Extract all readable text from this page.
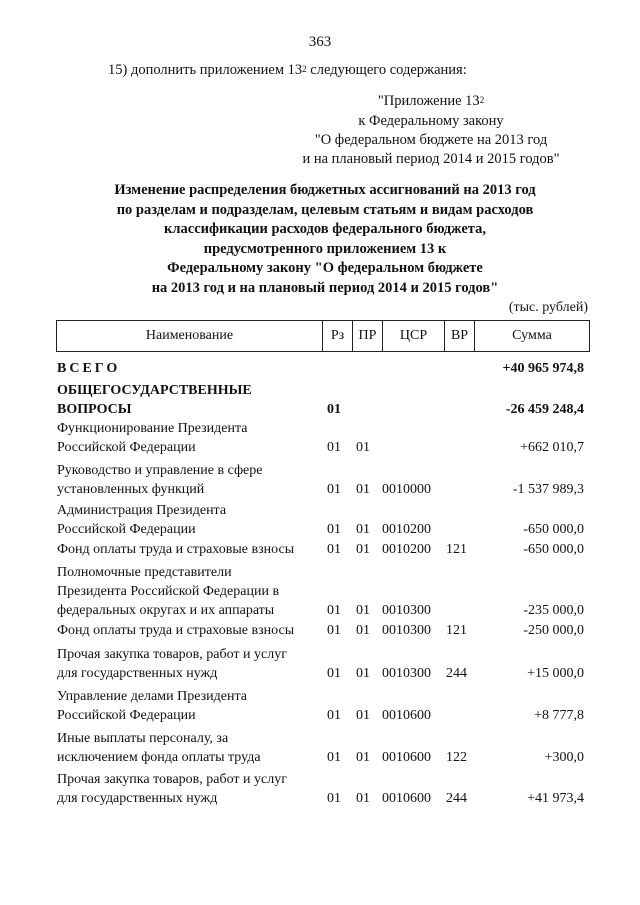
363
15) дополнить приложением $13^2$ следующего содержания:
"Приложение $13^2$
к Федеральному закону
"О федеральном бюджете на 2013 год
и на плановый период 2014 и 2015 годов"
Изменение распределения бюджетных ассигнований на 2013 год
по разделам и подразделам, целевым статьям и видам расходов
классификации расходов федерального бюджета,
предусмотренного приложением 13 к
Федеральному закону "О федеральном бюджете
на 2013 год и на плановый период 2014 и 2015 годов"
(тыс. рублей)
Наименование	Рз	ПР	ЦСР	ВР	Сумма
ВСЕГО	+40 965 974,8
ОБЩЕГОСУДАРСТВЕННЫЕ
ВОПРОСЫ	01	-26 459 248,4
Функционирование Президента
Российской Федерации	01 01	+662 010,7
Руководство и управление в сфере
установленных функций	01 01 0010000	-1 537 989,3
Администрация Президента
Российской Федерации	01 01 0010200	-650 000,0
Фонд оплаты труда и страховые взносы	01 01 0010200 121	-650 000,0
Полномочные представители
Президента Российской Федерации в
федеральных округах и их аппараты	01 01 0010300	-235 000,0
Фонд оплаты труда и страховые взносы	01 01 0010300 121	-250 000,0
Прочая закупка товаров, работ и услуг
для государственных нужд	01 01 0010300 244	+15 000,0
Управление делами Президента
Российской Федерации	01 01 0010600	+8 777,8
Иные выплаты персоналу, за
исключением фонда оплаты труда	01 01 0010600 122	+300,0
Прочая закупка товаров, работ и услуг
для государственных нужд	01 01 0010600 244	+41 973,4
